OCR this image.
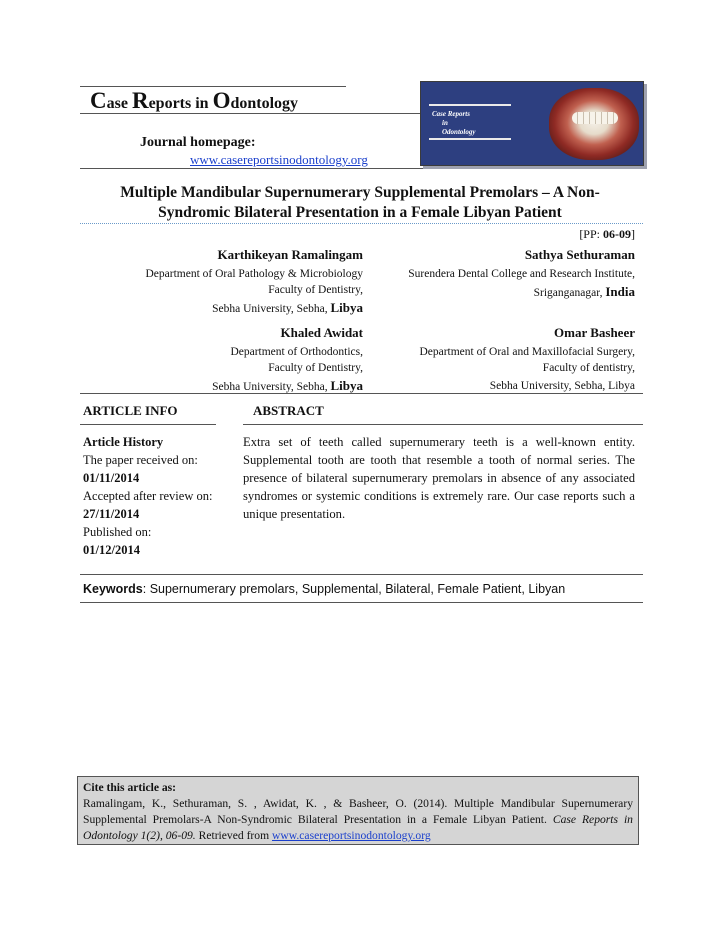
Case Reports in Odontology
Journal homepage:
www.casereportsinodontology.org
Case Reports
in
Odontology
Multiple Mandibular Supernumerary Supplemental Premolars – A Non-
Syndromic Bilateral Presentation in a Female Libyan Patient
[PP: 06-09]
Karthikeyan Ramalingam
Department of Oral Pathology & Microbiology
Faculty of Dentistry,
Sebha University, Sebha, Libya
Sathya Sethuraman
Surendera Dental College and Research Institute,
Sriganganagar, India
Khaled Awidat
Department of Orthodontics,
Faculty of Dentistry,
Sebha University, Sebha, Libya
Omar Basheer
Department of Oral and Maxillofacial Surgery,
Faculty of dentistry,
Sebha University, Sebha, Libya
ARTICLE INFO	ABSTRACT
Article History
The paper received on:
01/11/2014
Accepted after review on:
27/11/2014
Published on:
01/12/2014
Extra set of teeth called supernumerary teeth is a well-known entity. Supplemental tooth are tooth that resemble a tooth of normal series. The presence of bilateral supernumerary premolars in absence of any associated syndromes or systemic conditions is extremely rare. Our case reports such a unique presentation.
Keywords: Supernumerary premolars, Supplemental, Bilateral, Female Patient, Libyan
Cite this article as:
Ramalingam, K., Sethuraman, S. , Awidat, K. , & Basheer, O. (2014). Multiple Mandibular Supernumerary Supplemental Premolars-A Non-Syndromic Bilateral Presentation in a Female Libyan Patient. Case Reports in Odontology 1(2), 06-09. Retrieved from www.casereportsinodontology.org
